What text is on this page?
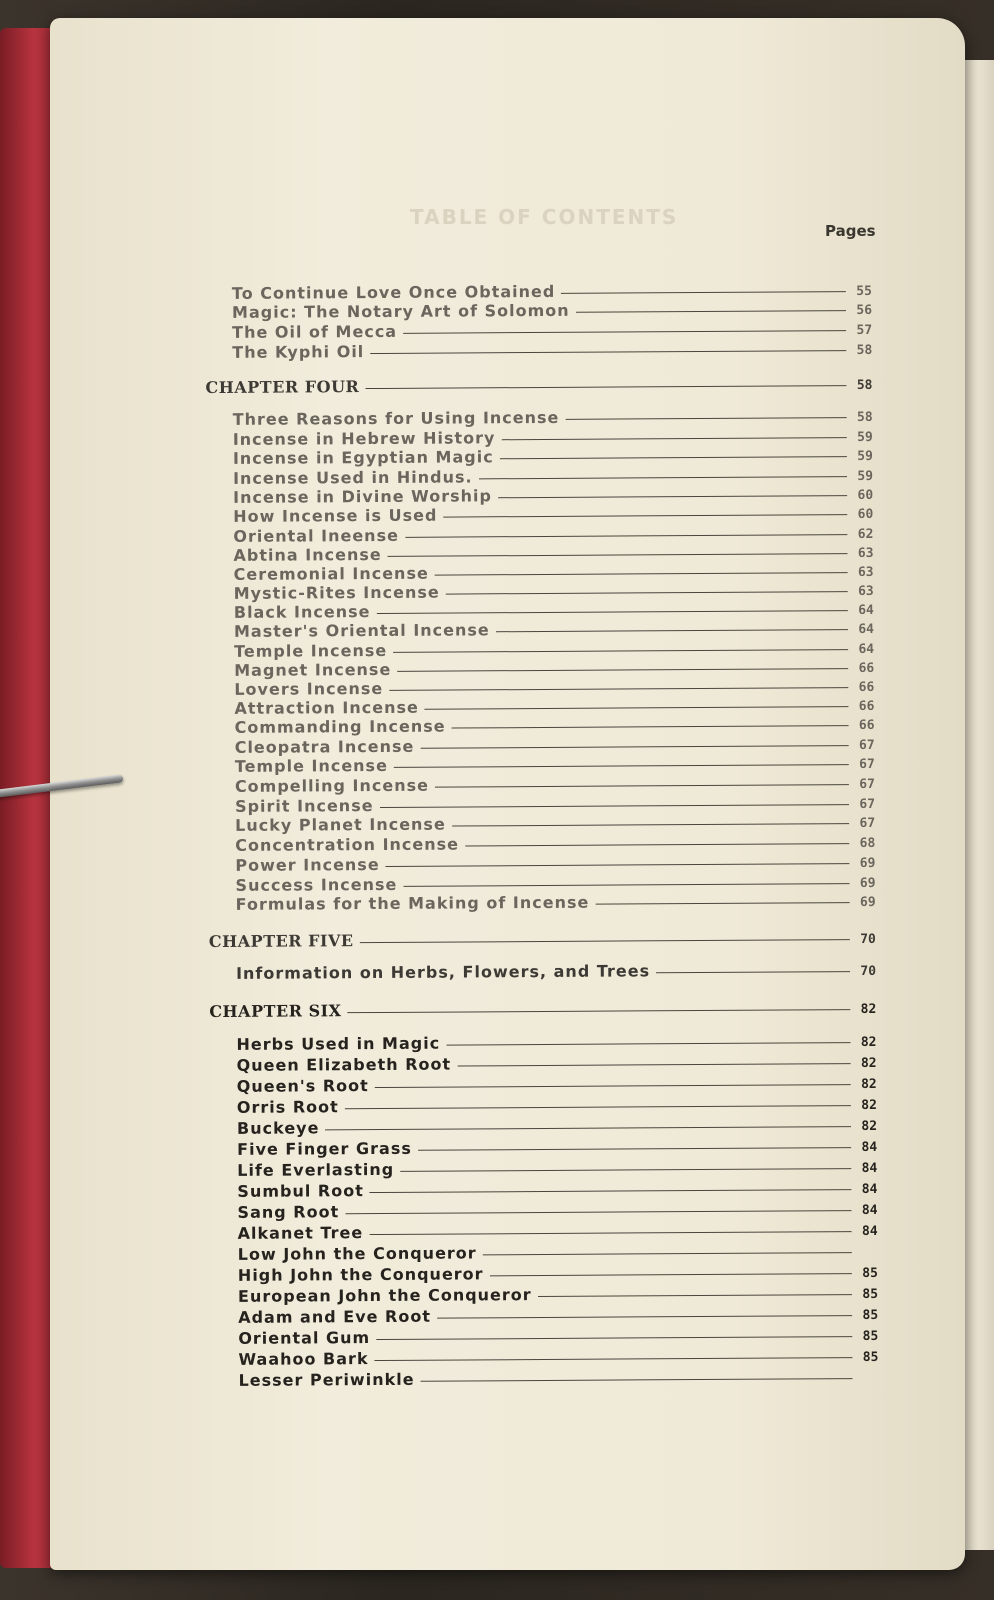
TABLE OF CONTENTS
Pages
To Continue Love Once Obtained	55
Magic: The Notary Art of Solomon	56
The Oil of Mecca	57
The Kyphi Oil	58
CHAPTER FOUR	58
Three Reasons for Using Incense	58
Incense in Hebrew History	59
Incense in Egyptian Magic	59
Incense Used in Hindus.	59
Incense in Divine Worship	60
How Incense is Used	60
Oriental Ineense	62
Abtina Incense	63
Ceremonial Incense	63
Mystic-Rites Incense	63
Black Incense	64
Master's Oriental Incense	64
Temple Incense	64
Magnet Incense	66
Lovers Incense	66
Attraction Incense	66
Commanding Incense	66
Cleopatra Incense	67
Temple Incense	67
Compelling Incense	67
Spirit Incense	67
Lucky Planet Incense	67
Concentration Incense	68
Power Incense	69
Success Incense	69
Formulas for the Making of Incense	69
CHAPTER FIVE	70
Information on Herbs, Flowers, and Trees	70
CHAPTER SIX	82
Herbs Used in Magic	82
Queen Elizabeth Root	82
Queen's Root	82
Orris Root	82
Buckeye	82
Five Finger Grass	84
Life Everlasting	84
Sumbul Root	84
Sang Root	84
Alkanet Tree	84
Low John the Conqueror
High John the Conqueror	85
European John the Conqueror	85
Adam and Eve Root	85
Oriental Gum	85
Waahoo Bark	85
Lesser Periwinkle
